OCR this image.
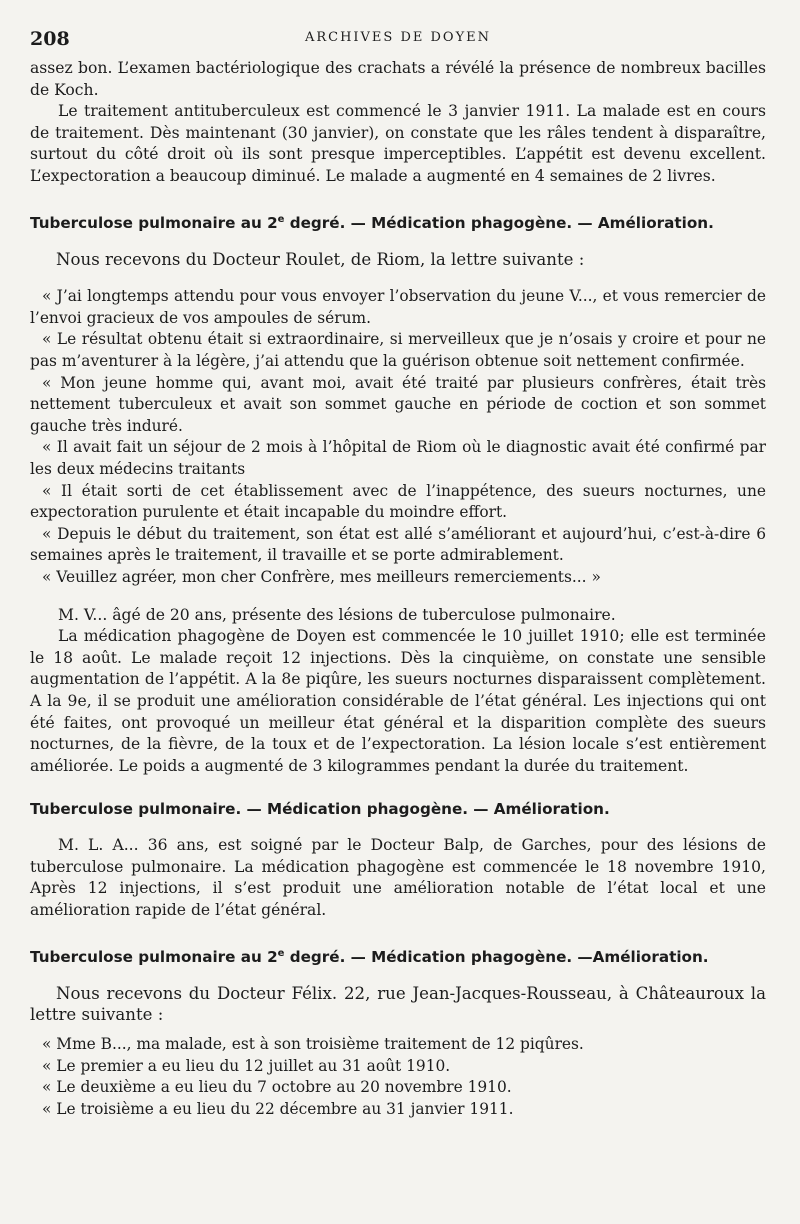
208	ARCHIVES DE DOYEN

assez bon. L’examen bactériologique des crachats a révélé la présence de nombreux bacilles de Koch.

Le traitement antituberculeux est commencé le 3 janvier 1911. La malade est en cours de traitement. Dès maintenant (30 janvier), on constate que les râles tendent à disparaître, surtout du côté droit où ils sont presque imperceptibles. L’appétit est devenu excellent. L’expectoration a beaucoup diminué. Le malade a augmenté en 4 semaines de 2 livres.

Tuberculose pulmonaire au 2e degré. — Médication phagogène. — Amélioration.

Nous recevons du Docteur Roulet, de Riom, la lettre suivante :

« J’ai longtemps attendu pour vous envoyer l’observation du jeune V..., et vous remercier de l’envoi gracieux de vos ampoules de sérum.

« Le résultat obtenu était si extraordinaire, si merveilleux que je n’osais y croire et pour ne pas m’aventurer à la légère, j’ai attendu que la guérison obtenue soit nettement confirmée.

« Mon jeune homme qui, avant moi, avait été traité par plusieurs confrères, était très nettement tuberculeux et avait son sommet gauche en période de coction et son sommet gauche très induré.

« Il avait fait un séjour de 2 mois à l’hôpital de Riom où le diagnostic avait été confirmé par les deux médecins traitants

« Il était sorti de cet établissement avec de l’inappétence, des sueurs nocturnes, une expectoration purulente et était incapable du moindre effort.

« Depuis le début du traitement, son état est allé s’améliorant et aujourd’hui, c’est-à-dire 6 semaines après le traitement, il travaille et se porte admirablement.

« Veuillez agréer, mon cher Confrère, mes meilleurs remerciements... »

M. V... âgé de 20 ans, présente des lésions de tuberculose pulmonaire.

La médication phagogène de Doyen est commencée le 10 juillet 1910; elle est terminée le 18 août. Le malade reçoit 12 injections. Dès la cinquième, on constate une sensible augmentation de l’appétit. A la 8e piqûre, les sueurs nocturnes disparaissent complètement. A la 9e, il se produit une amélioration considérable de l’état général. Les injections qui ont été faites, ont provoqué un meilleur état général et la disparition complète des sueurs nocturnes, de la fièvre, de la toux et de l’expectoration. La lésion locale s’est entièrement améliorée. Le poids a augmenté de 3 kilogrammes pendant la durée du traitement.

Tuberculose pulmonaire. — Médication phagogène. — Amélioration.

M. L. A... 36 ans, est soigné par le Docteur Balp, de Garches, pour des lésions de tuberculose pulmonaire. La médication phagogène est commencée le 18 novembre 1910, Après 12 injections, il s’est produit une amélioration notable de l’état local et une amélioration rapide de l’état général.

Tuberculose pulmonaire au 2e degré. — Médication phagogène. —Amélioration.

Nous recevons du Docteur Félix. 22, rue Jean-Jacques-Rousseau, à Châteauroux la lettre suivante :

« Mme B..., ma malade, est à son troisième traitement de 12 piqûres.

« Le premier a eu lieu du 12 juillet au 31 août 1910.

« Le deuxième a eu lieu du 7 octobre au 20 novembre 1910.

« Le troisième a eu lieu du 22 décembre au 31 janvier 1911.
